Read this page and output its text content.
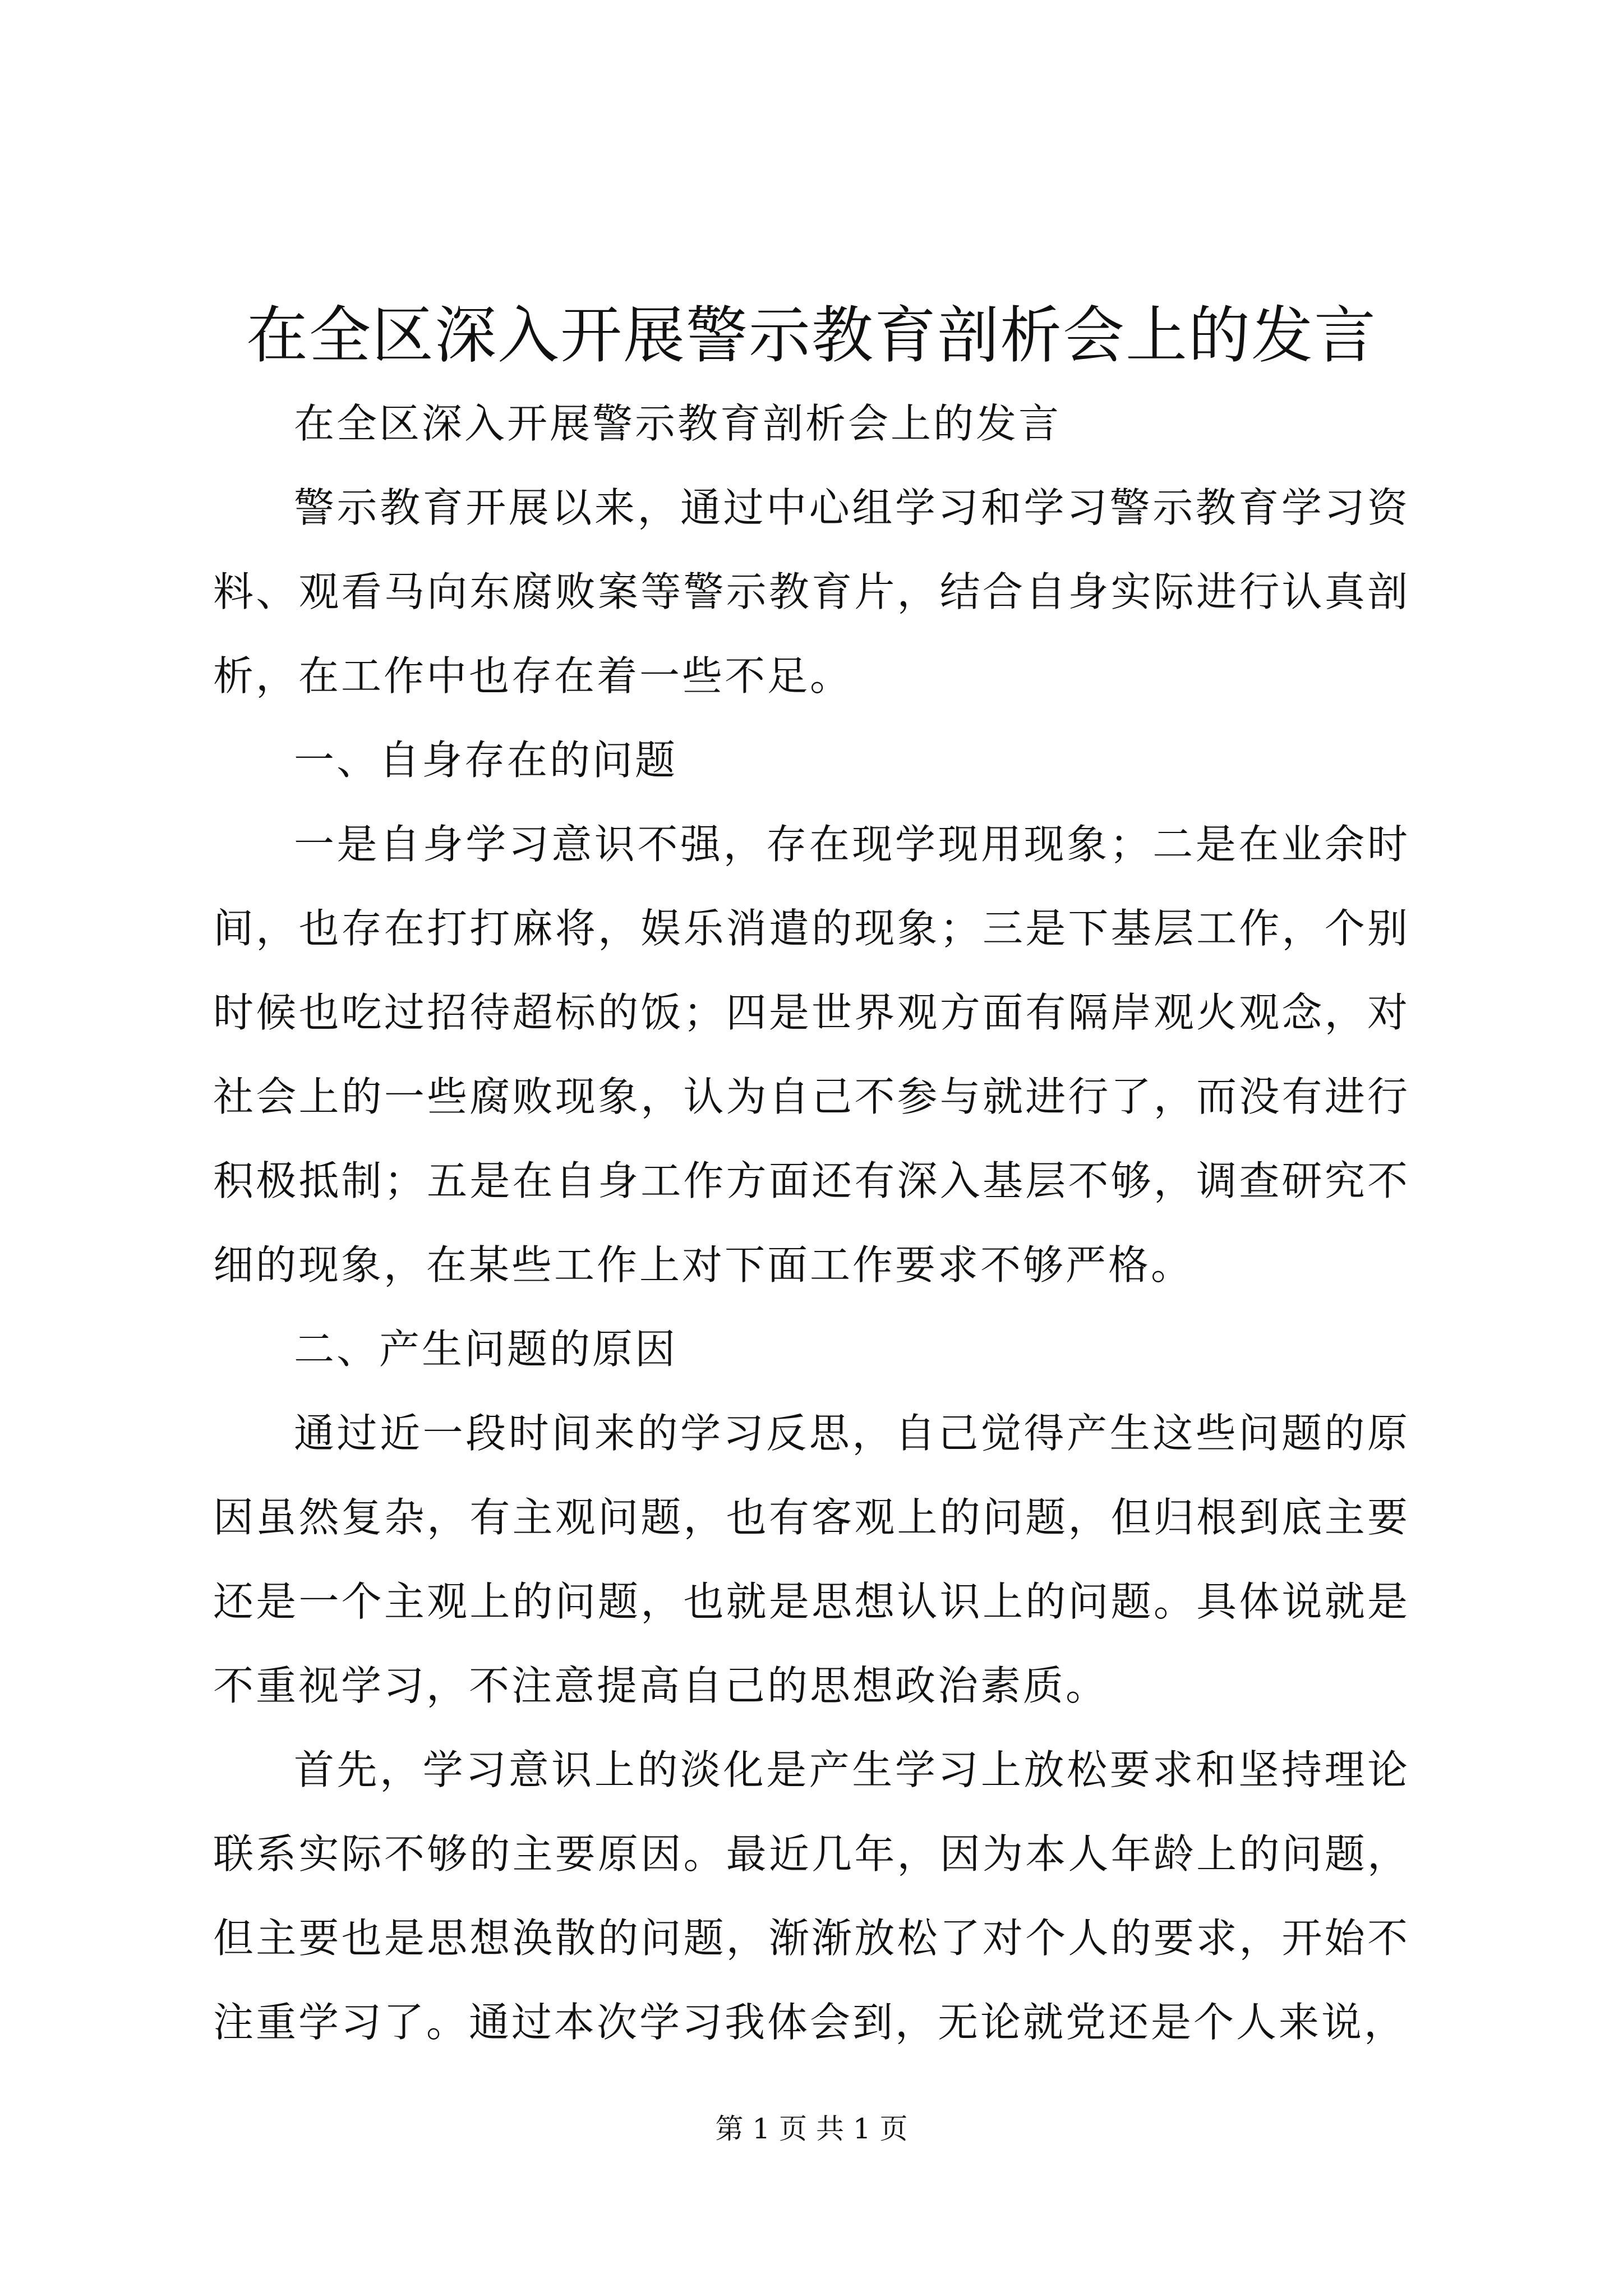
在全区深入开展警示教育剖析会上的发言

在全区深入开展警示教育剖析会上的发言

警示教育开展以来，通过中心组学习和学习警示教育学习资料、观看马向东腐败案等警示教育片，结合自身实际进行认真剖析，在工作中也存在着一些不足。

一、自身存在的问题

一是自身学习意识不强，存在现学现用现象；二是在业余时间，也存在打打麻将，娱乐消遣的现象；三是下基层工作，个别时候也吃过招待超标的饭；四是世界观方面有隔岸观火观念，对社会上的一些腐败现象，认为自己不参与就进行了，而没有进行积极抵制；五是在自身工作方面还有深入基层不够，调查研究不细的现象，在某些工作上对下面工作要求不够严格。

二、产生问题的原因

通过近一段时间来的学习反思，自己觉得产生这些问题的原因虽然复杂，有主观问题，也有客观上的问题，但归根到底主要还是一个主观上的问题，也就是思想认识上的问题。具体说就是不重视学习，不注意提高自己的思想政治素质。

首先，学习意识上的淡化是产生学习上放松要求和坚持理论联系实际不够的主要原因。最近几年，因为本人年龄上的问题，但主要也是思想涣散的问题，渐渐放松了对个人的要求，开始不注重学习了。通过本次学习我体会到，无论就党还是个人来说，

第 1 页 共 1 页
